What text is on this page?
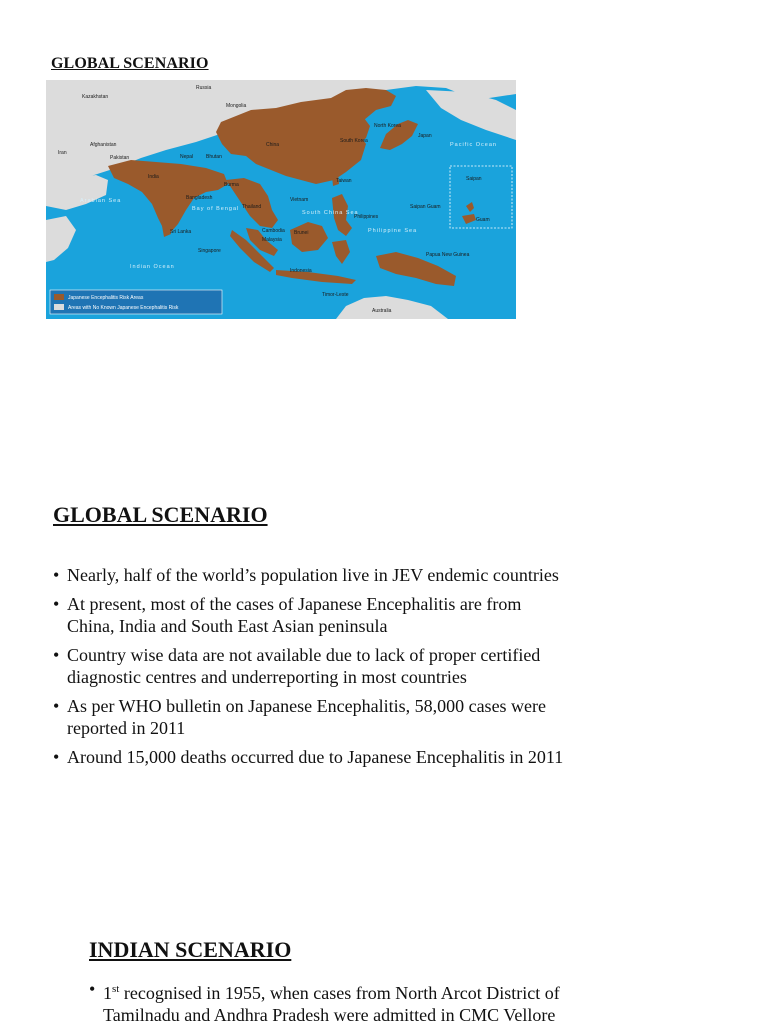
GLOBAL SCENARIO
Russia
Kazakhstan
Mongolia
Afghanistan
Iran
Pakistan	Nepal	Bhutan
China
North Korea
South Korea
Japan
India
Bangladesh
Burma
Thailand
Vietnam
Taiwan
Philippines
Cambodia
Malaysia
Brunei
Sri Lanka
Singapore
Indonesia
Papua New Guinea
Saipan
Guam
Saipan Guam
Timor-Leste
Australia
Arabian Sea
Bay of Bengal
South China Sea
Philippine Sea
Indian Ocean
Pacific Ocean
Japanese Encephalitis Risk Areas
Areas with No Known Japanese Encephalitis Risk
GLOBAL SCENARIO
• Nearly, half of the world’s population live in JEV endemic countries
• At present, most of the cases of Japanese Encephalitis are from China, India and South East Asian peninsula
• Country wise data are not available due to lack of proper certified diagnostic centres and underreporting in most countries
• As per WHO bulletin on Japanese Encephalitis, 58,000 cases were reported in 2011
• Around 15,000 deaths occurred due to Japanese Encephalitis in 2011
INDIAN SCENARIO
• 1st recognised in 1955, when cases from North Arcot District of Tamilnadu and Andhra Pradesh were admitted in CMC Vellore
